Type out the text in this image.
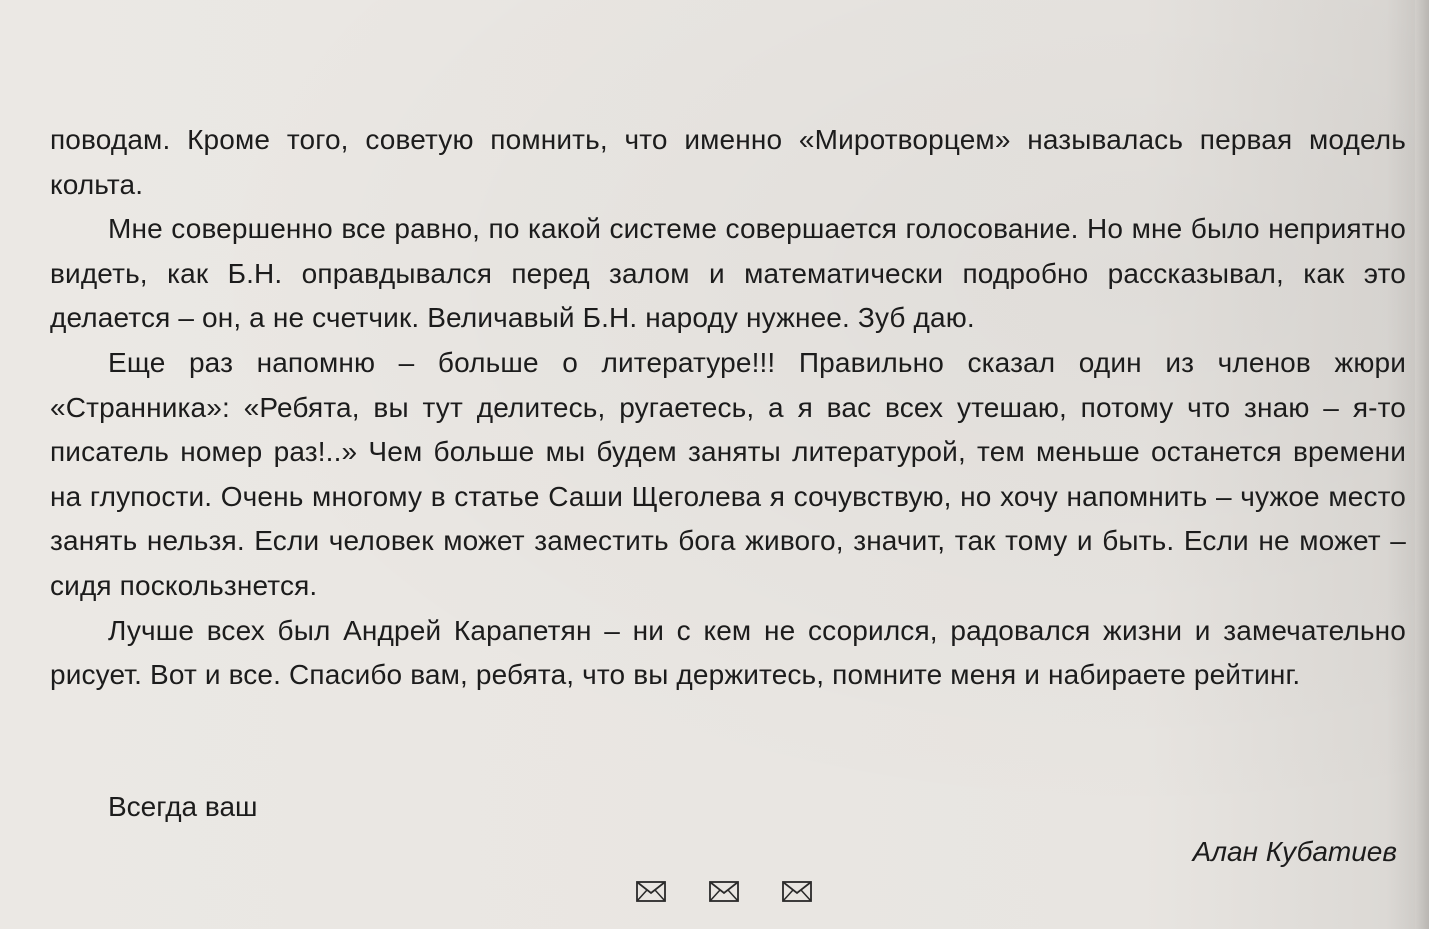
поводам. Кроме того, советую помнить, что именно «Миротворцем» называлась первая модель кольта.

Мне совершенно все равно, по какой системе совершается голосование. Но мне было неприятно видеть, как Б.Н. оправдывался перед залом и математически подробно рассказывал, как это делается – он, а не счетчик. Величавый Б.Н. народу нужнее. Зуб даю.

Еще раз напомню – больше о литературе!!! Правильно сказал один из членов жюри «Странника»: «Ребята, вы тут делитесь, ругаетесь, а я вас всех утешаю, потому что знаю – я-то писатель номер раз!..» Чем больше мы будем заняты литературой, тем меньше останется времени на глупости. Очень многому в статье Саши Щеголева я сочувствую, но хочу напомнить – чужое место занять нельзя. Если человек может заместить бога живого, значит, так тому и быть. Если не может – сидя поскользнется.

Лучше всех был Андрей Карапетян – ни с кем не ссорился, радовался жизни и замечательно рисует. Вот и все. Спасибо вам, ребята, что вы держитесь, помните меня и набираете рейтинг.

Всегда ваш
Алан Кубатиев
